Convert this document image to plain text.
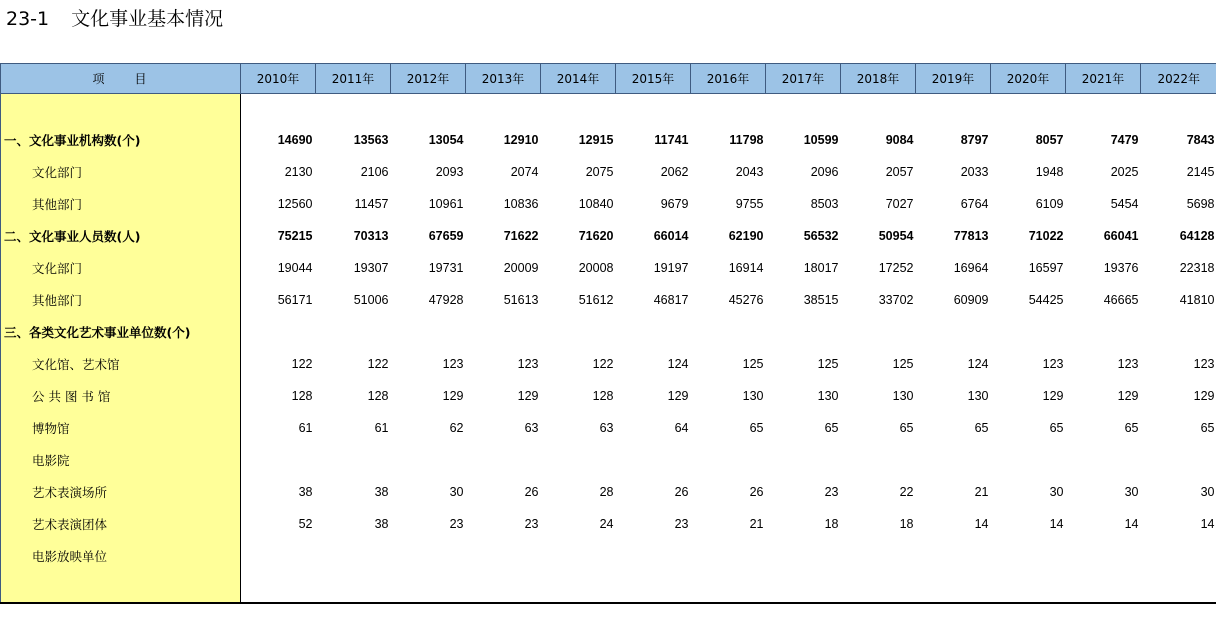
23-1 文化事业基本情况
项　　目	2010年	2011年	2012年	2013年	2014年	2015年	2016年	2017年	2018年	2019年	2020年	2021年	2022年

一、文化事业机构数(个)	14690	13563	13054	12910	12915	11741	11798	10599	9084	8797	8057	7479	7843
文化部门	2130	2106	2093	2074	2075	2062	2043	2096	2057	2033	1948	2025	2145
其他部门	12560	11457	10961	10836	10840	9679	9755	8503	7027	6764	6109	5454	5698
二、文化事业人员数(人)	75215	70313	67659	71622	71620	66014	62190	56532	50954	77813	71022	66041	64128
文化部门	19044	19307	19731	20009	20008	19197	16914	18017	17252	16964	16597	19376	22318
其他部门	56171	51006	47928	51613	51612	46817	45276	38515	33702	60909	54425	46665	41810
三、各类文化艺术事业单位数(个)													
文化馆、艺术馆	122	122	123	123	122	124	125	125	125	124	123	123	123
公 共 图 书 馆	128	128	129	129	128	129	130	130	130	130	129	129	129
博物馆	61	61	62	63	63	64	65	65	65	65	65	65	65
电影院													
艺术表演场所	38	38	30	26	28	26	26	23	22	21	30	30	30
艺术表演团体	52	38	23	23	24	23	21	18	18	14	14	14	14
电影放映单位													
